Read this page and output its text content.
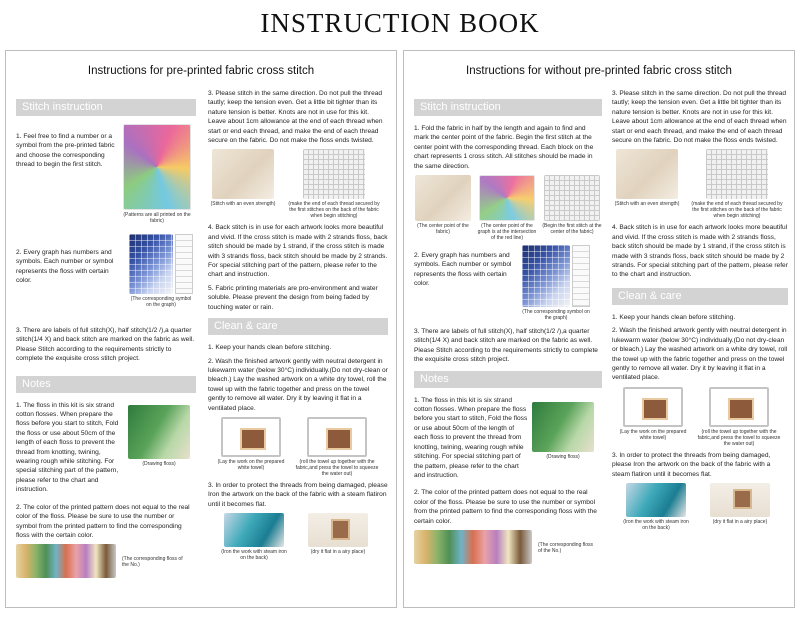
INSTRUCTION BOOK
Instructions for pre-printed fabric cross stitch
Stitch instruction

1. Feel free to find a number or a symbol from the pre-printed fabric and choose the corresponding thread to begin the first stitch.

(Patterns are all printed on the fabric)

2. Every graph has numbers and symbols. Each number or symbol represents the floss with certain color.

(The corresponding symbol on the graph)

3. There are labels of full stitch(X), half stitch(1/2 /),a quarter stitch(1/4 X) and back stitch are marked on the fabric as well. Please Stitch according to the requirements strictly to complete the exquisite cross stitch project.

Notes

1. The floss in this kit is six strand cotton flosses. When prepare the floss before you start to stitch, Fold the floss or use about 50cm of the length of each floss to prevent the thread from knotting, twining, wearing rough while stitching. For special stitching part of the pattern, please refer to the chart and instruction.

(Drawing floss)

2. The color of the printed pattern does not equal to the real color of the floss. Please be sure to use the number or symbol from the printed pattern to find the corresponding floss with the certain color.

(The corresponding floss of the No.)

3. Please stitch in the same direction. Do not pull the thread tautly; keep the tension even. Get a little bit tighter than its nature tension is better. Knots are not in use for this kit. Leave about 1cm allowance at the end of each thread when start or end each thread, and make the end of each thread secure on the fabric. Do not make the floss ends twisted.

(Stitch with an even strength)	(make the end of each thread secured by the first stitches on the back of the fabric when begin stitching)

4. Back stitch is in use for each artwork looks more beautiful and vivid. If the cross stitch is made with 2 strands floss, back stitch should be made by 1 strand, if the cross stitch is made with 3 strands floss, back stitch should be made by 2 strands. For special stitching part of the pattern, please refer to the chart and instruction.

5. Fabric printing materials are pro-environment and water soluble. Please prevent the design from being faded by touching water or rain.

Clean & care

1. Keep your hands clean before stitching.

2. Wash the finished artwork gently with neutral detergent in lukewarm water (below 30°C) individually.(Do not dry-clean or bleach.) Lay the washed artwork on a white dry towel, roll the towel up with the fabric together and press on the towel gently to remove all water. Dry it by leaving it flat in a ventilated place.

(Lay the work on the prepared white towel)
(roll the towel up together with the fabric,and press the towel to squeeze the water out)

3. In order to protect the threads from being damaged, please Iron the artwork on the back of the fabric with a steam flatiron until it becomes flat.

(Iron the work with steam iron on the back)
(dry it flat in a airy place)
Instructions for without pre-printed fabric cross stitch
Stitch instruction

1. Fold the fabric in half by the length and again to find and mark the center point of the fabric. Begin the first stitch at the center point with the corresponding thread. Each block on the chart represents 1 cross stitch. All stitches should be made in the same direction.

(The center point of the fabric)
(The center point of the graph is at the intersection of the red line)
(Begin the first stitch at the center of the fabric)

2. Every graph has numbers and symbols. Each number or symbol represents the floss with certain color.

(The corresponding symbol on the graph)

3. There are labels of full stitch(X), half stitch(1/2 /),a quarter stitch(1/4 X) and back stitch are marked on the fabric as well. Please Stitch according to the requirements strictly to complete the exquisite cross stitch project.

Notes

1. The floss in this kit is six strand cotton flosses. When prepare the floss before you start to stitch, Fold the floss or use about 50cm of the length of each floss to prevent the thread from knotting, twining, wearing rough while stitching. For special stitching part of the pattern, please refer to the chart and instruction.

(Drawing floss)

2. The color of the printed pattern does not equal to the real color of the floss. Please be sure to use the number or symbol from the printed pattern to find the corresponding floss with the certain color.

(The corresponding floss of the No.)

3. Please stitch in the same direction. Do not pull the thread tautly; keep the tension even. Get a little bit tighter than its nature tension is better. Knots are not in use for this kit. Leave about 1cm allowance at the end of each thread when start or end each thread, and make the end of each thread secure on the fabric. Do not make the floss ends twisted.

(Stitch with an even strength)	(make the end of each thread secured by the first stitches on the back of the fabric when begin stitching)

4. Back stitch is in use for each artwork looks more beautiful and vivid. If the cross stitch is made with 2 strands floss, back stitch should be made by 1 strand, if the cross stitch is made with 3 strands floss, back stitch should be made by 2 strands. For special stitching part of the pattern, please refer to the chart and instruction.

Clean & care

1. Keep your hands clean before stitching.

2. Wash the finished artwork gently with neutral detergent in lukewarm water (below 30°C) individually.(Do not dry-clean or bleach.) Lay the washed artwork on a white dry towel, roll the towel up with the fabric together and press on the towel gently to remove all water. Dry it by leaving it flat in a ventilated place.

(Lay the work on the prepared white towel)
(roll the towel up together with the fabric,and press the towel to squeeze the water out)

3. In order to protect the threads from being damaged, please Iron the artwork on the back of the fabric with a steam flatiron until it becomes flat.

(Iron the work with steam iron on the back)
(dry it flat in a airy place)
